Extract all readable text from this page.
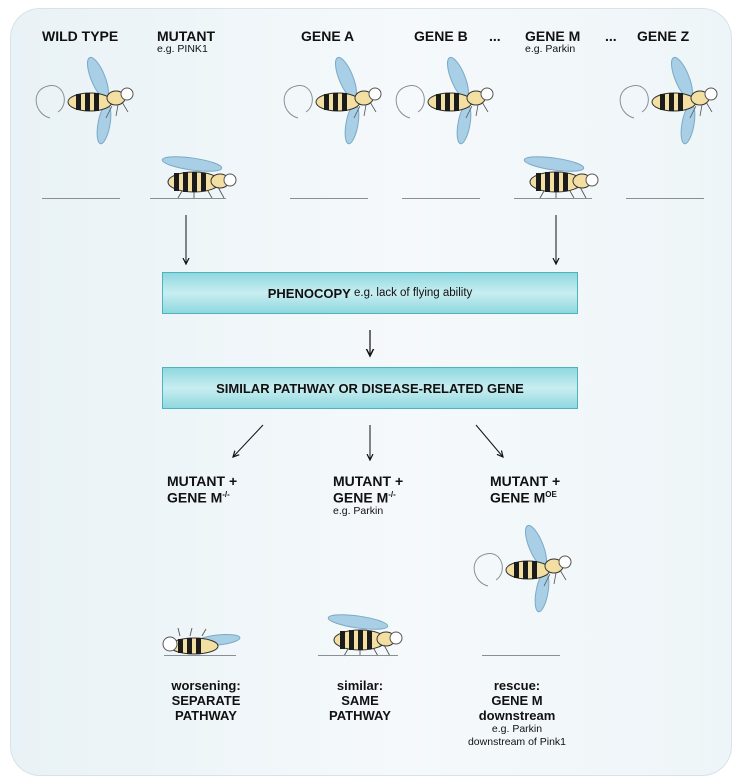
WILD TYPE	MUTANT
e.g. PINK1
GENE A	GENE B ... GENE M
e.g. Parkin
... GENE Z
PHENOCOPY e.g. lack of flying ability
SIMILAR PATHWAY OR DISEASE-RELATED GENE
MUTANT +
GENE M-/-
MUTANT +
GENE M-/-
e.g. Parkin
MUTANT +
GENE $M^{OE}$
worsening:
SEPARATE
PATHWAY
similar:
SAME
PATHWAY
rescue:
GENE M
downstream
e.g. Parkin
downstream of Pink1
